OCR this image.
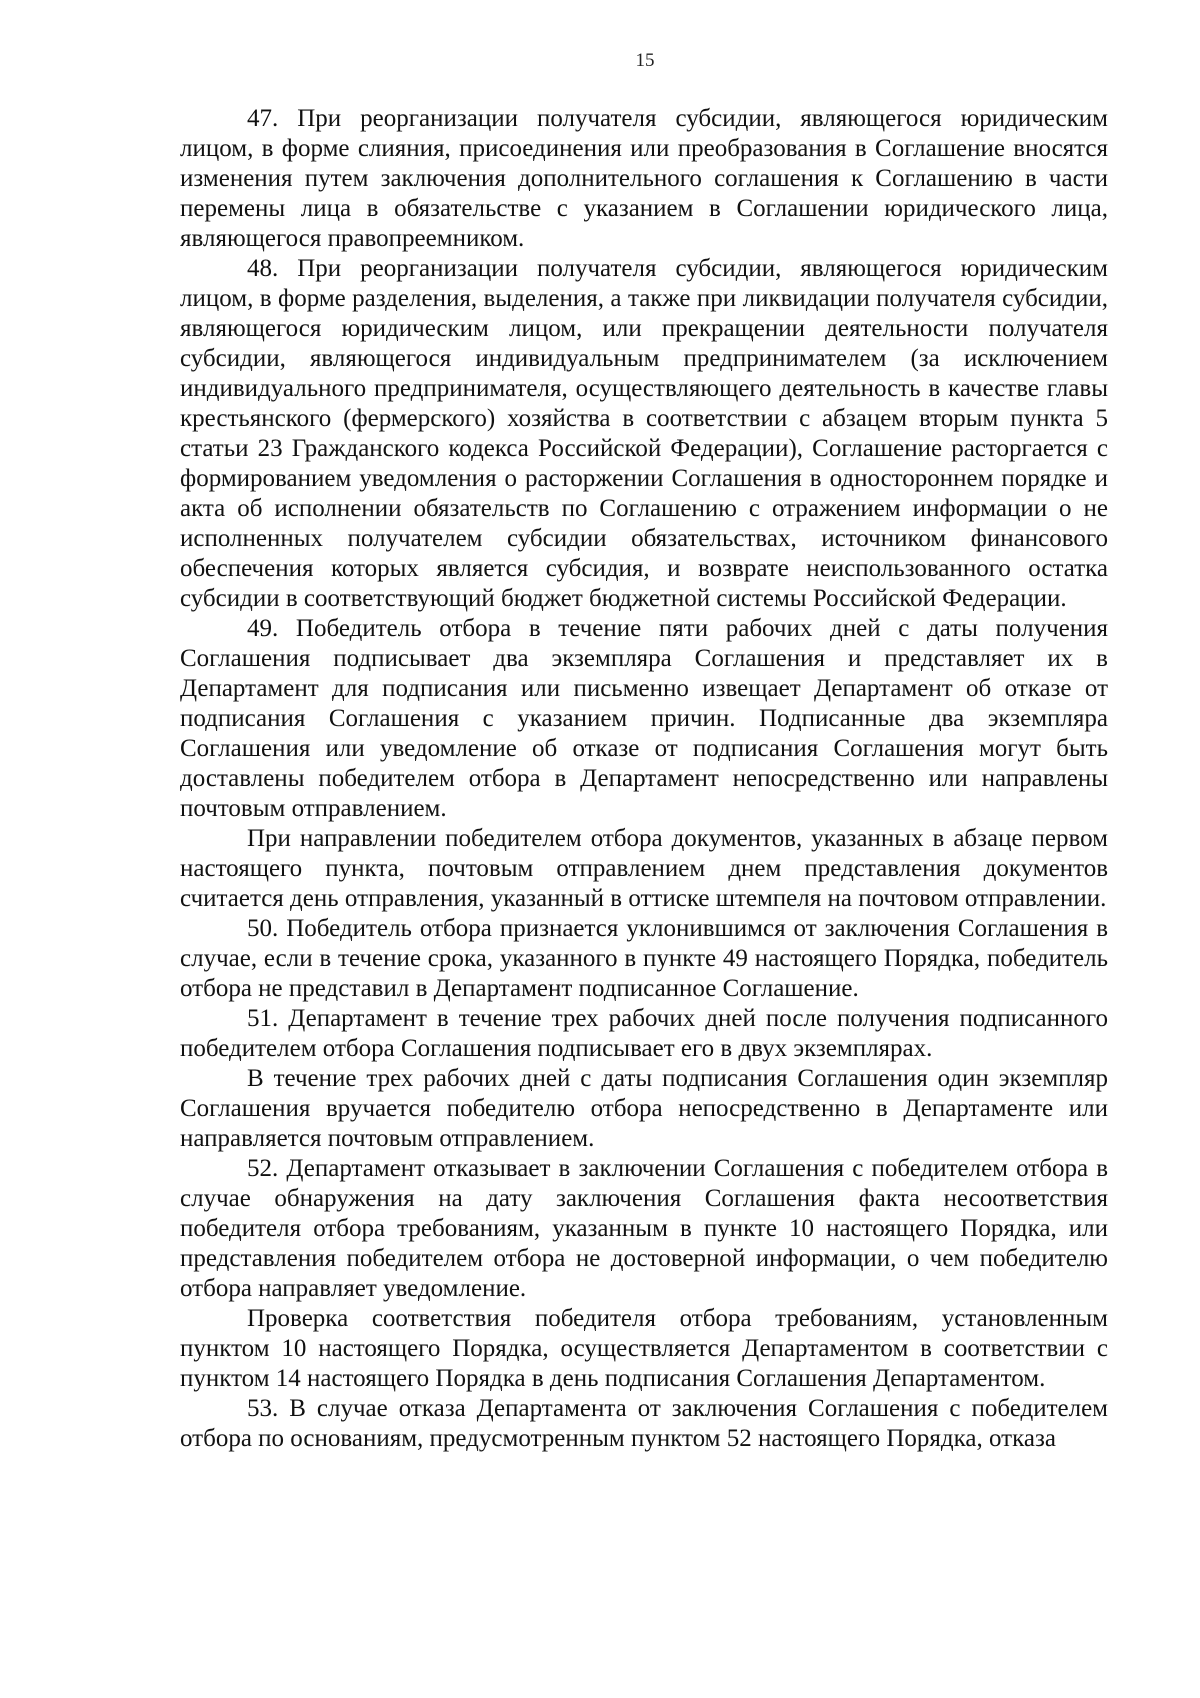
15

47. При реорганизации получателя субсидии, являющегося юридическим лицом, в форме слияния, присоединения или преобразования в Соглашение вносятся изменения путем заключения дополнительного соглашения к Соглашению в части перемены лица в обязательстве с указанием в Соглашении юридического лица, являющегося правопреемником.

48. При реорганизации получателя субсидии, являющегося юридическим лицом, в форме разделения, выделения, а также при ликвидации получателя субсидии, являющегося юридическим лицом, или прекращении деятельности получателя субсидии, являющегося индивидуальным предпринимателем (за исключением индивидуального предпринимателя, осуществляющего деятельность в качестве главы крестьянского (фермерского) хозяйства в соответствии с абзацем вторым пункта 5 статьи 23 Гражданского кодекса Российской Федерации), Соглашение расторгается с формированием уведомления о расторжении Соглашения в одностороннем порядке и акта об исполнении обязательств по Соглашению с отражением информации о не исполненных получателем субсидии обязательствах, источником финансового обеспечения которых является субсидия, и возврате неиспользованного остатка субсидии в соответствующий бюджет бюджетной системы Российской Федерации.

49. Победитель отбора в течение пяти рабочих дней с даты получения Соглашения подписывает два экземпляра Соглашения и представляет их в Департамент для подписания или письменно извещает Департамент об отказе от подписания Соглашения с указанием причин. Подписанные два экземпляра Соглашения или уведомление об отказе от подписания Соглашения могут быть доставлены победителем отбора в Департамент непосредственно или направлены почтовым отправлением.

При направлении победителем отбора документов, указанных в абзаце первом настоящего пункта, почтовым отправлением днем представления документов считается день отправления, указанный в оттиске штемпеля на почтовом отправлении.

50. Победитель отбора признается уклонившимся от заключения Соглашения в случае, если в течение срока, указанного в пункте 49 настоящего Порядка, победитель отбора не представил в Департамент подписанное Соглашение.

51. Департамент в течение трех рабочих дней после получения подписанного победителем отбора Соглашения подписывает его в двух экземплярах.

В течение трех рабочих дней с даты подписания Соглашения один экземпляр Соглашения вручается победителю отбора непосредственно в Департаменте или направляется почтовым отправлением.

52. Департамент отказывает в заключении Соглашения с победителем отбора в случае обнаружения на дату заключения Соглашения факта несоответствия победителя отбора требованиям, указанным в пункте 10 настоящего Порядка, или представления победителем отбора не достоверной информации, о чем победителю отбора направляет уведомление.

Проверка соответствия победителя отбора требованиям, установленным пунктом 10 настоящего Порядка, осуществляется Департаментом в соответствии с пунктом 14 настоящего Порядка в день подписания Соглашения Департаментом.

53. В случае отказа Департамента от заключения Соглашения с победителем отбора по основаниям, предусмотренным пунктом 52 настоящего Порядка, отказа
